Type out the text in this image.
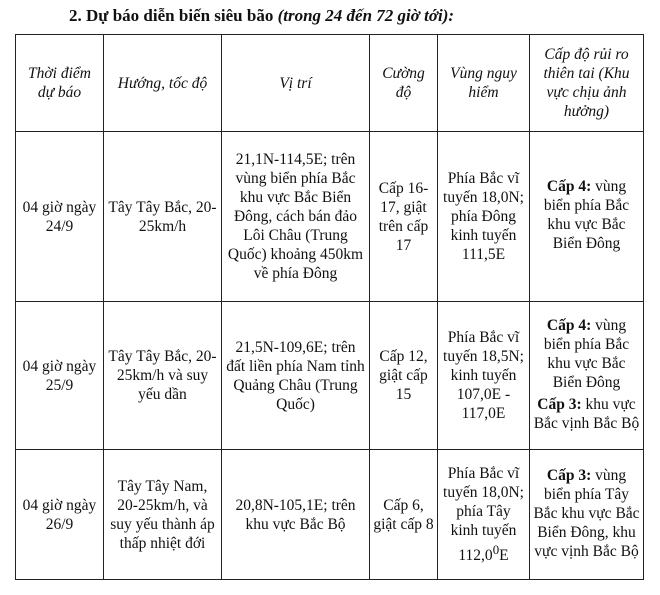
2. Dự báo diễn biến siêu bão (trong 24 đến 72 giờ tới):
Thời điểm dự báo	Hướng, tốc độ	Vị trí	Cường độ	Vùng nguy hiểm	Cấp độ rủi ro thiên tai (Khu vực chịu ảnh hưởng)
04 giờ ngày 24/9	Tây Tây Bắc, 20-25km/h	21,1N-114,5E; trên vùng biển phía Bắc khu vực Bắc Biển Đông, cách bán đảo Lôi Châu (Trung Quốc) khoảng 450km về phía Đông	Cấp 16-17, giật trên cấp 17	Phía Bắc vĩ tuyến 18,0N; phía Đông kinh tuyến 111,5E	Cấp 4: vùng biển phía Bắc khu vực Bắc Biển Đông

04 giờ ngày 25/9	Tây Tây Bắc, 20-25km/h và suy yếu dần	21,5N-109,6E; trên đất liền phía Nam tỉnh Quảng Châu (Trung Quốc)	Cấp 12, giật cấp 15	Phía Bắc vĩ tuyến 18,5N; kinh tuyến 107,0E - 117,0E	Cấp 4: vùng biển phía Bắc khu vực Bắc Biển Đông

Cấp 3: khu vực Bắc vịnh Bắc Bộ

04 giờ ngày 26/9	Tây Tây Nam, 20-25km/h, và suy yếu thành áp thấp nhiệt đới	20,8N-105,1E; trên khu vực Bắc Bộ	Cấp 6, giật cấp 8	Phía Bắc vĩ tuyến 18,0N; phía Tây kinh tuyến 112,0$^0$E	Cấp 3: vùng biển phía Tây Bắc khu vực Bắc Biển Đông, khu vực vịnh Bắc Bộ
